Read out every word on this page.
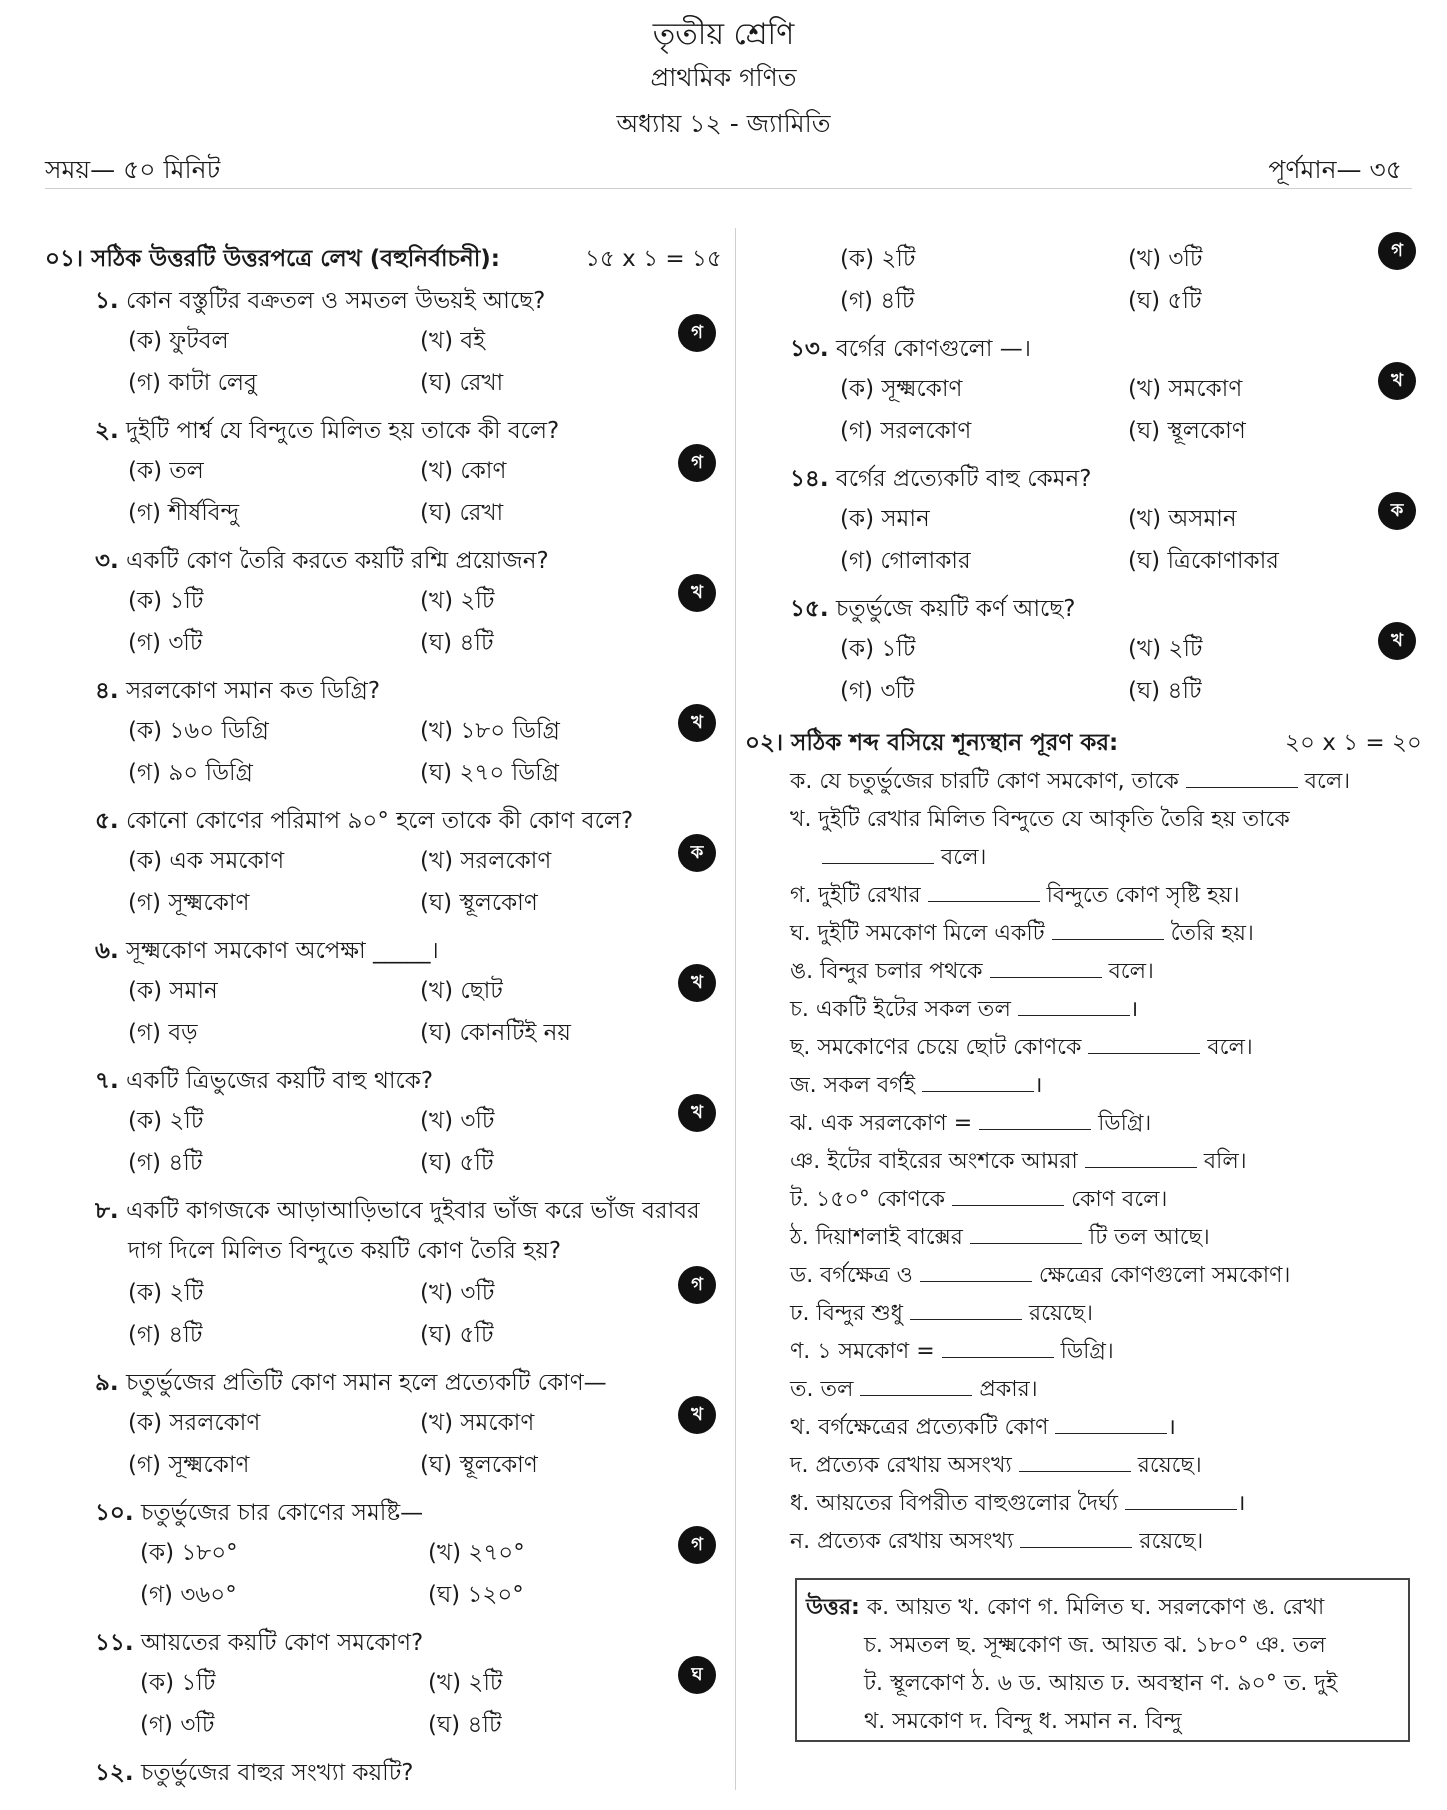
তৃতীয় শ্রেণি
প্রাথমিক গণিত
অধ্যায় ১২ - জ্যামিতি
সময়— ৫০ মিনিট	পূর্ণমান— ৩৫
০১। সঠিক উত্তরটি উত্তরপত্রে লেখ (বহুনির্বাচনী):	১৫ x ১ = ১৫
১. কোন বস্তুটির বক্রতল ও সমতল উভয়ই আছে?
(ক) ফুটবল	(খ) বই
(গ) কাটা লেবু	(ঘ) রেখা
গ
২. দুইটি পার্শ্ব যে বিন্দুতে মিলিত হয় তাকে কী বলে?
(ক) তল	(খ) কোণ
(গ) শীর্ষবিন্দু	(ঘ) রেখা
গ
৩. একটি কোণ তৈরি করতে কয়টি রশ্মি প্রয়োজন?
(ক) ১টি	(খ) ২টি
(গ) ৩টি	(ঘ) ৪টি
খ
৪. সরলকোণ সমান কত ডিগ্রি?
(ক) ১৬০ ডিগ্রি	(খ) ১৮০ ডিগ্রি
(গ) ৯০ ডিগ্রি	(ঘ) ২৭০ ডিগ্রি
খ
৫. কোনো কোণের পরিমাপ ৯০° হলে তাকে কী কোণ বলে?
(ক) এক সমকোণ	(খ) সরলকোণ
(গ) সূক্ষ্মকোণ	(ঘ) স্থূলকোণ
ক
৬. সূক্ষ্মকোণ সমকোণ অপেক্ষা _____।
(ক) সমান	(খ) ছোট
(গ) বড়	(ঘ) কোনটিই নয়
খ
৭. একটি ত্রিভুজের কয়টি বাহু থাকে?
(ক) ২টি	(খ) ৩টি
(গ) ৪টি	(ঘ) ৫টি
খ
৮. একটি কাগজকে আড়াআড়িভাবে দুইবার ভাঁজ করে ভাঁজ বরাবর
দাগ দিলে মিলিত বিন্দুতে কয়টি কোণ তৈরি হয়?
(ক) ২টি	(খ) ৩টি
(গ) ৪টি	(ঘ) ৫টি
গ
৯. চতুর্ভুজের প্রতিটি কোণ সমান হলে প্রত্যেকটি কোণ—
(ক) সরলকোণ	(খ) সমকোণ
(গ) সূক্ষ্মকোণ	(ঘ) স্থূলকোণ
খ
১০. চতুর্ভুজের চার কোণের সমষ্টি—
(ক) ১৮০°	(খ) ২৭০°
(গ) ৩৬০°	(ঘ) ১২০°
গ
১১. আয়তের কয়টি কোণ সমকোণ?
(ক) ১টি	(খ) ২টি
(গ) ৩টি	(ঘ) ৪টি
ঘ
১২. চতুর্ভুজের বাহুর সংখ্যা কয়টি?
(ক) ২টি	(খ) ৩টি
(গ) ৪টি	(ঘ) ৫টি
গ
১৩. বর্গের কোণগুলো —।
(ক) সূক্ষ্মকোণ	(খ) সমকোণ
(গ) সরলকোণ	(ঘ) স্থূলকোণ
খ
১৪. বর্গের প্রত্যেকটি বাহু কেমন?
(ক) সমান	(খ) অসমান
(গ) গোলাকার	(ঘ) ত্রিকোণাকার
ক
১৫. চতুর্ভুজে কয়টি কর্ণ আছে?
(ক) ১টি	(খ) ২টি
(গ) ৩টি	(ঘ) ৪টি
খ
০২। সঠিক শব্দ বসিয়ে শূন্যস্থান পূরণ কর:	২০ x ১ = ২০
ক. যে চতুর্ভুজের চারটি কোণ সমকোণ, তাকে	বলে।
খ. দুইটি রেখার মিলিত বিন্দুতে যে আকৃতি তৈরি হয় তাকে
বলে।
গ. দুইটি রেখার	বিন্দুতে কোণ সৃষ্টি হয়।
ঘ. দুইটি সমকোণ মিলে একটি	তৈরি হয়।
ঙ. বিন্দুর চলার পথকে	বলে।
চ. একটি ইটের সকল তল	।
ছ. সমকোণের চেয়ে ছোট কোণকে	বলে।
জ. সকল বর্গই	।
ঝ. এক সরলকোণ =	ডিগ্রি।
ঞ. ইটের বাইরের অংশকে আমরা	বলি।
ট. ১৫০° কোণকে	কোণ বলে।
ঠ. দিয়াশলাই বাক্সের	টি তল আছে।
ড. বর্গক্ষেত্র ও	ক্ষেত্রের কোণগুলো সমকোণ।
ঢ. বিন্দুর শুধু	রয়েছে।
ণ. ১ সমকোণ =	ডিগ্রি।
ত. তল	প্রকার।
থ. বর্গক্ষেত্রের প্রত্যেকটি কোণ	।
দ. প্রত্যেক রেখায় অসংখ্য	রয়েছে।
ধ. আয়তের বিপরীত বাহুগুলোর দৈর্ঘ্য	।
ন. প্রত্যেক রেখায় অসংখ্য	রয়েছে।
উত্তর: ক. আয়ত খ. কোণ গ. মিলিত ঘ. সরলকোণ ঙ. রেখা
চ. সমতল ছ. সূক্ষ্মকোণ জ. আয়ত ঝ. ১৮০° ঞ. তল
ট. স্থূলকোণ ঠ. ৬ ড. আয়ত ঢ. অবস্থান ণ. ৯০° ত. দুই
থ. সমকোণ দ. বিন্দু ধ. সমান ন. বিন্দু
